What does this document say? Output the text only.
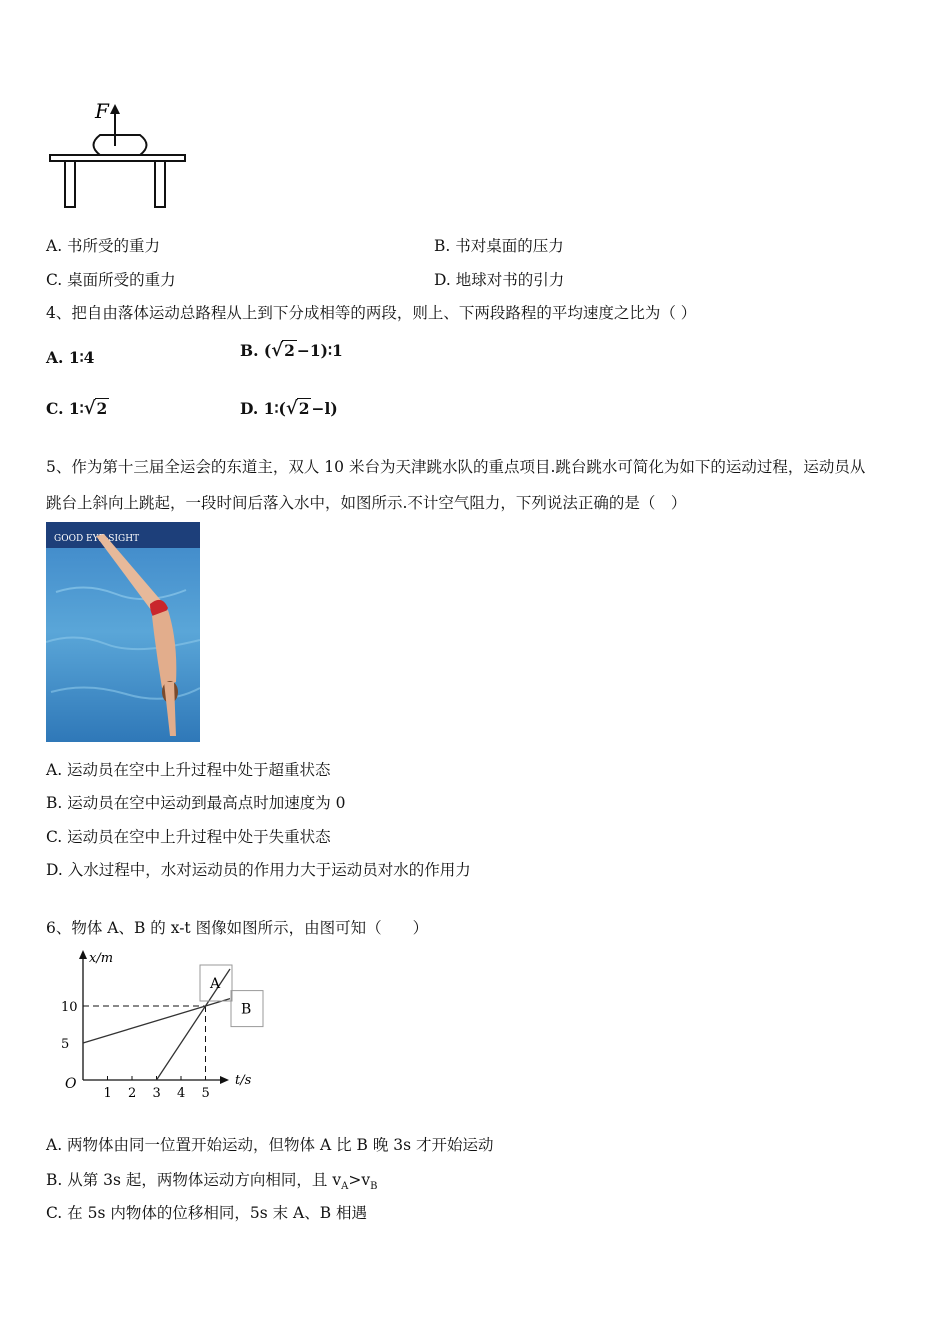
F
A. 书所受的重力	B. 书对桌面的压力
C. 桌面所受的重力	D. 地球对书的引力
4、把自由落体运动总路程从上到下分成相等的两段，则上、下两段路程的平均速度之比为（ ）
A. 1∶4	B. (√2 −1)∶1
C. 1∶√2	D. 1∶(√2 −l)
5、作为第十三届全运会的东道主，双人 10 米台为天津跳水队的重点项目.跳台跳水可简化为如下的运动过程，运动员从
跳台上斜向上跳起，一段时间后落入水中，如图所示.不计空气阻力，下列说法正确的是（　）
GOOD EYE-SIGHT
A. 运动员在空中上升过程中处于超重状态
B. 运动员在空中运动到最高点时加速度为 0
C. 运动员在空中上升过程中处于失重状态
D. 入水过程中，水对运动员的作用力大于运动员对水的作用力
6、物体 A、B 的 x-t 图像如图所示，由图可知（　　）
x/m
t/s
O
1 2 3 4 5
5
10
A
B
A. 两物体由同一位置开始运动，但物体 A 比 B 晚 3s 才开始运动
B. 从第 3s 起，两物体运动方向相同，且 $v_A>v_B$
C. 在 5s 内物体的位移相同，5s 末 A、B 相遇
